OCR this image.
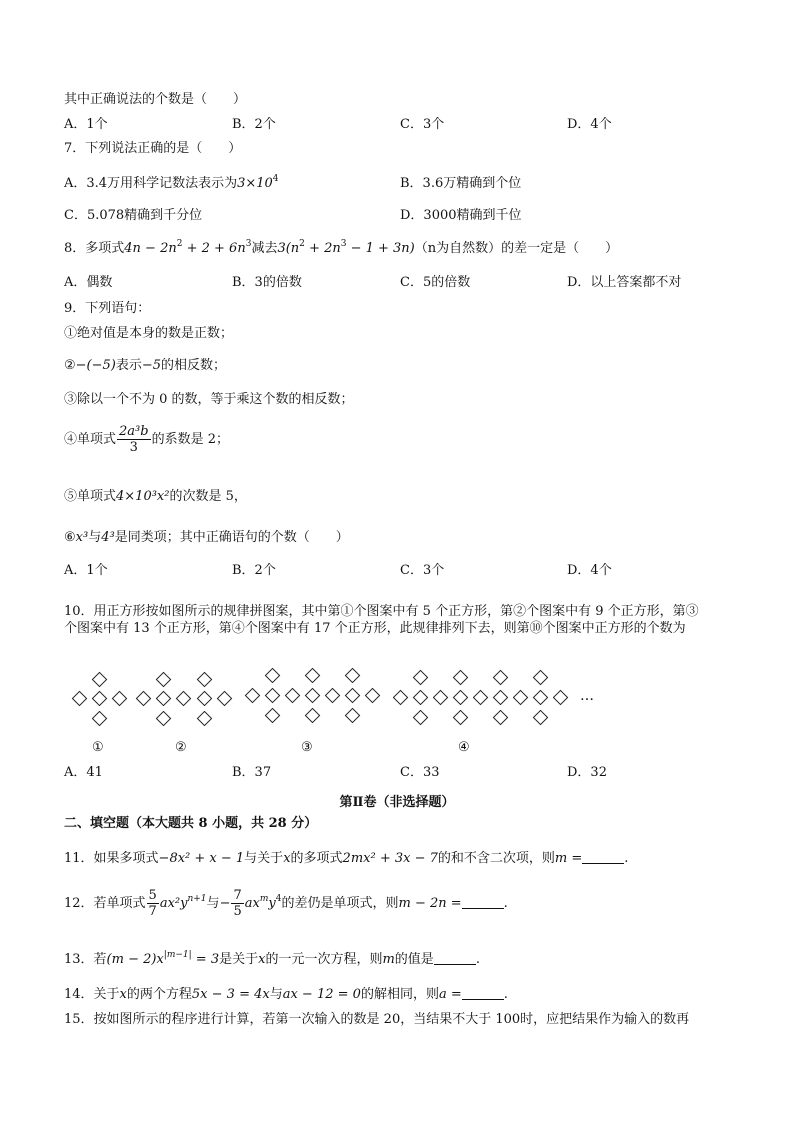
其中正确说法的个数是（　　）
A．1个	B．2个	C．3个	D．4个
7．下列说法正确的是（　　）
A．3.4万用科学记数法表示为$3\times 10^4$	B．3.6万精确到个位
C．5.078精确到千分位	D．3000精确到千位
8．多项式$4n - 2n^2 + 2 + 6n^3$减去$3(n^2 + 2n^3 - 1 + 3n)(n$为自然数）的差一定是（　　）
A．偶数	B．3的倍数	C．5的倍数	D．以上答案都不对
9．下列语句：
①绝对值是本身的数是正数；
②−(−5)表示−5的相反数；
③除以一个不为 0 的数，等于乘这个数的相反数；
④单项式 $\frac{\text{2a³b}}{3}$ 的系数是 2；
⑤单项式4×10³x²的次数是 5，
⑥x³与4³是同类项；其中正确语句的个数（　　）
A．1个	B．2个	C．3个	D．4个
10．用正方形按如图所示的规律拼图案，其中第①个图案中有 5 个正方形，第②个图案中有 9 个正方形，第③
个图案中有 13 个正方形，第④个图案中有 17 个正方形，此规律排列下去，则第⑩个图案中正方形的个数为
…
①	②	③	④
A．41	B．37	C．33	D．32
第Ⅱ卷（非选择题）
二、填空题（本大题共 8 小题，共 28 分）
11．如果多项式−8x² + x − 1与关于x的多项式2mx² + 3x − 7的和不含二次项，则m =	.
12．若单项式 $\frac{5}{7} ax^2y^{n+1}$与− $\frac{7}{5} ax^my^4$的差仍是单项式，则m − 2n =	.
13．若$(m - 2)x^{|m-1|} = 3$是关于x的一元一次方程，则m的值是	.
14．关于x的两个方程5x − 3 = 4x与ax − 12 = 0的解相同，则a =	.
15．按如图所示的程序进行计算，若第一次输入的数是 20，当结果不大于 100时，应把结果作为输入的数再
